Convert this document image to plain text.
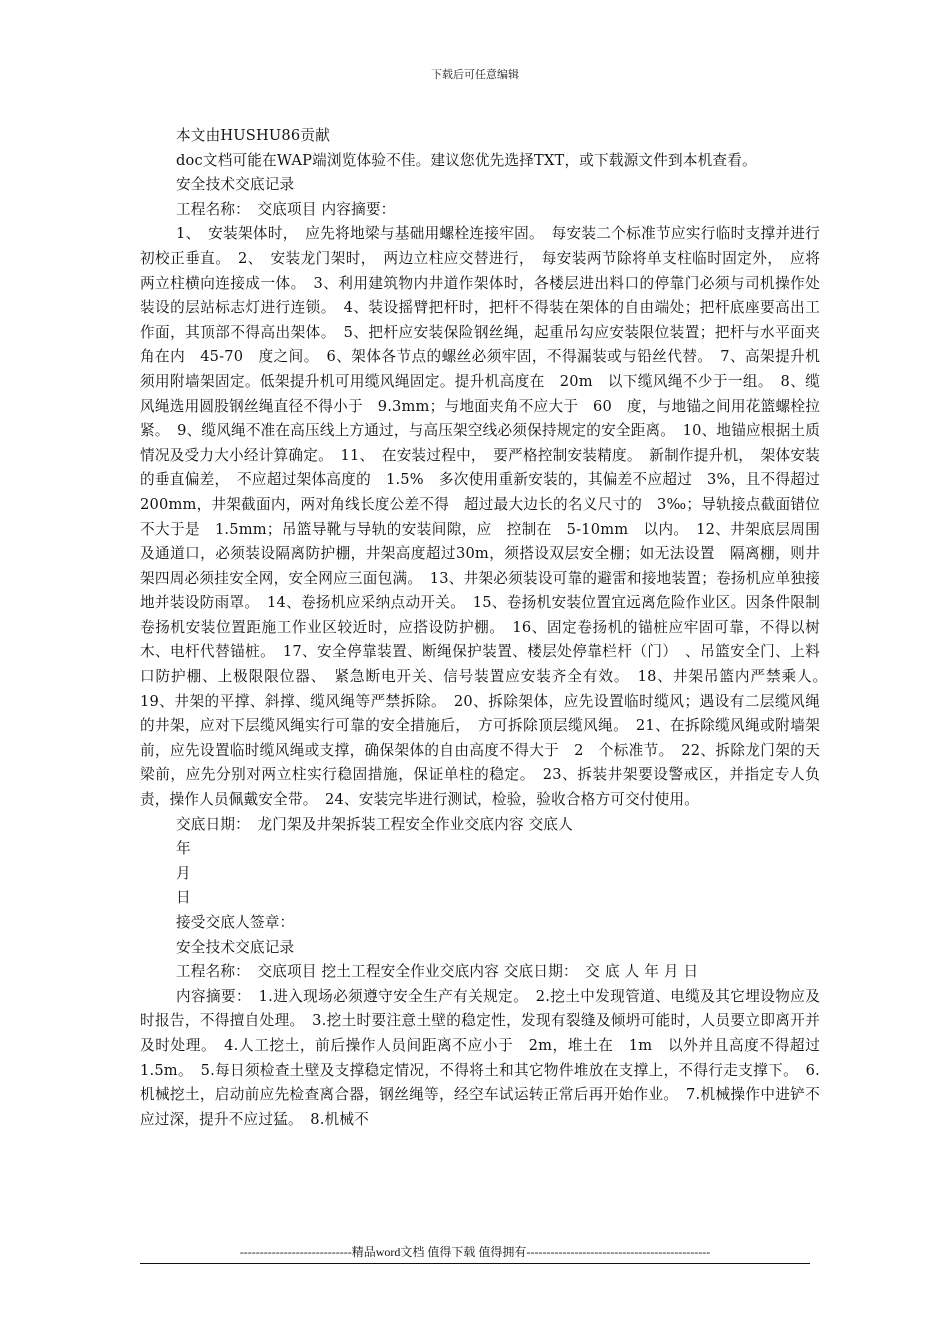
下载后可任意编辑

本文由HUSHU86贡献

doc文档可能在WAP端浏览体验不佳。建议您优先选择TXT，或下载源文件到本机查看。

安全技术交底记录

工程名称：　交底项目 内容摘要：

1、　安装架体时，　应先将地梁与基础用螺栓连接牢固。　每安装二个标准节应实行临时支撑并进行初校正垂直。　2、　安装龙门架时，　两边立柱应交替进行，　每安装两节除将单支柱临时固定外，　应将两立柱横向连接成一体。　3、利用建筑物内井道作架体时，各楼层进出料口的停靠门必须与司机操作处装设的层站标志灯进行连锁。　4、装设摇臂把杆时，把杆不得装在架体的自由端处；把杆底座要高出工作面，其顶部不得高出架体。　5、把杆应安装保险钢丝绳，起重吊勾应安装限位装置；把杆与水平面夹角在内　45-70　度之间。　6、架体各节点的螺丝必须牢固，不得漏装或与铅丝代替。　7、高架提升机须用附墙架固定。低架提升机可用缆风绳固定。提升机高度在　20m　以下缆风绳不少于一组。　8、缆风绳选用圆股钢丝绳直径不得小于　9.3mm；与地面夹角不应大于　60　度，与地锚之间用花篮螺栓拉紧。　9、缆风绳不准在高压线上方通过，与高压架空线必须保持规定的安全距离。　10、地锚应根据土质情况及受力大小经计算确定。　11、　在安装过程中，　要严格控制安装精度。　新制作提升机，　架体安装的垂直偏差，　不应超过架体高度的　1.5%　多次使用重新安装的，其偏差不应超过　3%，且不得超过　200mm，井架截面内，两对角线长度公差不得　超过最大边长的名义尺寸的　3‰；导轨接点截面错位不大于是　1.5mm；吊篮导靴与导轨的安装间隙，应　控制在　5-10mm　以内。　12、井架底层周围及通道口，必须装设隔离防护棚，井架高度超过30m，须搭设双层安全棚；如无法设置　隔离棚，则井架四周必须挂安全网，安全网应三面包满。　13、井架必须装设可靠的避雷和接地装置；卷扬机应单独接地并装设防雨罩。　14、卷扬机应采纳点动开关。　15、卷扬机安装位置宜远离危险作业区。因条件限制卷扬机安装位置距施工作业区较近时，应搭设防护棚。　16、固定卷扬机的锚桩应牢固可靠，不得以树木、电杆代替锚桩。　17、安全停靠装置、断绳保护装置、楼层处停靠栏杆（门）　、吊篮安全门、上料口防护棚、上极限限位器、　紧急断电开关、信号装置应安装齐全有效。　18、井架吊篮内严禁乘人。　19、井架的平撑、斜撑、缆风绳等严禁拆除。　20、拆除架体，应先设置临时缆风；遇设有二层缆风绳的井架，应对下层缆风绳实行可靠的安全措施后，　方可拆除顶层缆风绳。　21、在拆除缆风绳或附墙架前，应先设置临时缆风绳或支撑，确保架体的自由高度不得大于　2　个标准节。　22、拆除龙门架的天梁前，应先分别对两立柱实行稳固措施，保证单柱的稳定。　23、拆装井架要设警戒区，并指定专人负责，操作人员佩戴安全带。　24、安装完毕进行测试，检验，验收合格方可交付使用。

交底日期：　龙门架及井架拆装工程安全作业交底内容 交底人

年

月

日

接受交底人签章：

安全技术交底记录

工程名称：　交底项目 挖土工程安全作业交底内容 交底日期：　交 底 人 年 月 日

内容摘要：　1.进入现场必须遵守安全生产有关规定。　2.挖土中发现管道、电缆及其它埋设物应及时报告，不得擅自处理。　3.挖土时要注意土壁的稳定性，发现有裂缝及倾坍可能时，人员要立即离开并及时处理。　4.人工挖土，前后操作人员间距离不应小于　2m，堆土在　1m　以外并且高度不得超过　1.5m。　5.每日须检查土壁及支撑稳定情况，不得将土和其它物件堆放在支撑上，不得行走支撑下。　6.机械挖土，启动前应先检查离合器，钢丝绳等，经空车试运转正常后再开始作业。　7.机械操作中进铲不应过深，提升不应过猛。　8.机械不

----------------------------精品word文档 值得下载 值得拥有----------------------------------------------
